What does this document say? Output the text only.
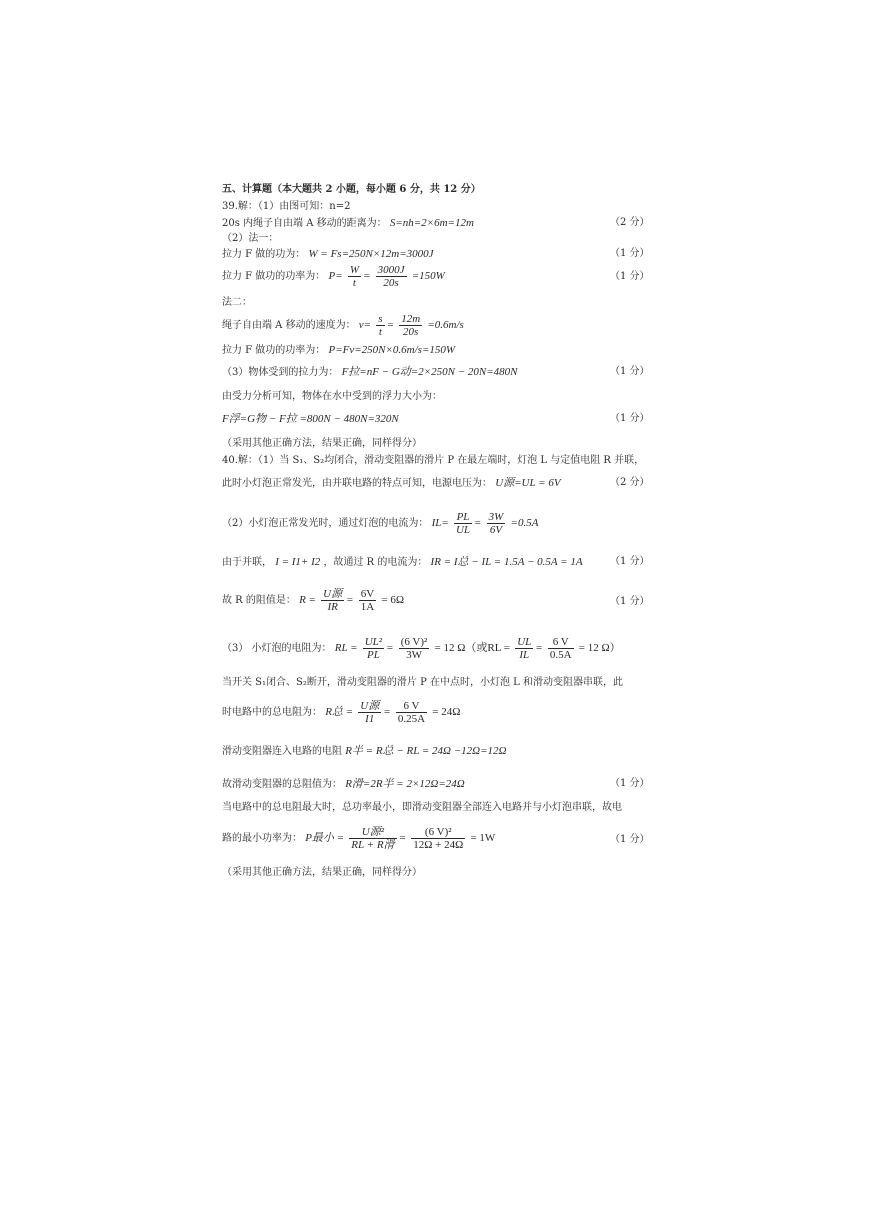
五、计算题（本大题共 2 小题，每小题 6 分，共 12 分）
39.解：（1）由图可知：n=2
20s 内绳子自由端 A 移动的距离为： S=nh=2×6m=12m	（2 分）
（2）法一：
拉力 F 做的功为： W = Fs=250N×12m=3000J	（1 分）
拉力 F 做功的功率为： $P= \frac{W}{t} = \frac{3000J}{20s} =150W$	（1 分）
法二：
绳子自由端 A 移动的速度为： $v= \frac{s}{t} = \frac{12m}{20s} =0.6m/s$
拉力 F 做功的功率为： P=Fv=250N×0.6m/s=150W
（3）物体受到的拉力为： F拉=nF − G动=2×250N − 20N=480N	（1 分）
由受力分析可知，物体在水中受到的浮力大小为：
F浮=G物 − F拉 =800N − 480N=320N	（1 分）
（采用其他正确方法，结果正确，同样得分）
40.解：（1）当 S₁、S₂均闭合，滑动变阻器的滑片 P 在最左端时，灯泡 L 与定值电阻 R 并联，
此时小灯泡正常发光，由并联电路的特点可知，电源电压为： U源=UL = 6V	（2 分）
（2）小灯泡正常发光时，通过灯泡的电流为： $IL= \frac{PL}{UL} = \frac{3W}{6V} =0.5A$
由于并联， I = I1+ I2 ，故通过 R 的电流为： IR = I总 − IL = 1.5A − 0.5A = 1A	（1 分）
故 R 的阻值是： $R = \frac{\text{U源}}{IR} = \frac{6V}{1A} = 6\Omega$	（1 分）
（3） 小灯泡的电阻为： RL = $\frac{\text{UL²}}{PL} = \frac{\text{(6 V)²}}{3W} = 12$ Ω（或RL = $\frac{UL}{IL} = \frac{6 V}{0.5A} = 12$ Ω）
当开关 S₁闭合、S₂断开，滑动变阻器的滑片 P 在中点时，小灯泡 L 和滑动变阻器串联，此
时电路中的总电阻为： R总 = $\frac{\text{U源}}{I1} = \frac{6 V}{0.25A} = 24\Omega$
滑动变阻器连入电路的电阻 R半 = R总 − RL = 24Ω −12Ω=12Ω
故滑动变阻器的总阻值为： R滑=2R半 = 2×12Ω=24Ω	（1 分）
当电路中的总电阻最大时，总功率最小，即滑动变阻器全部连入电路并与小灯泡串联，故电
路的最小功率为： P最小 = $\frac{\text{U源²}}{\text{RL + R滑}} = \frac{\text{(6 V)²}}{12\Omega + 24\Omega} = 1W$	（1 分）
（采用其他正确方法，结果正确，同样得分）
